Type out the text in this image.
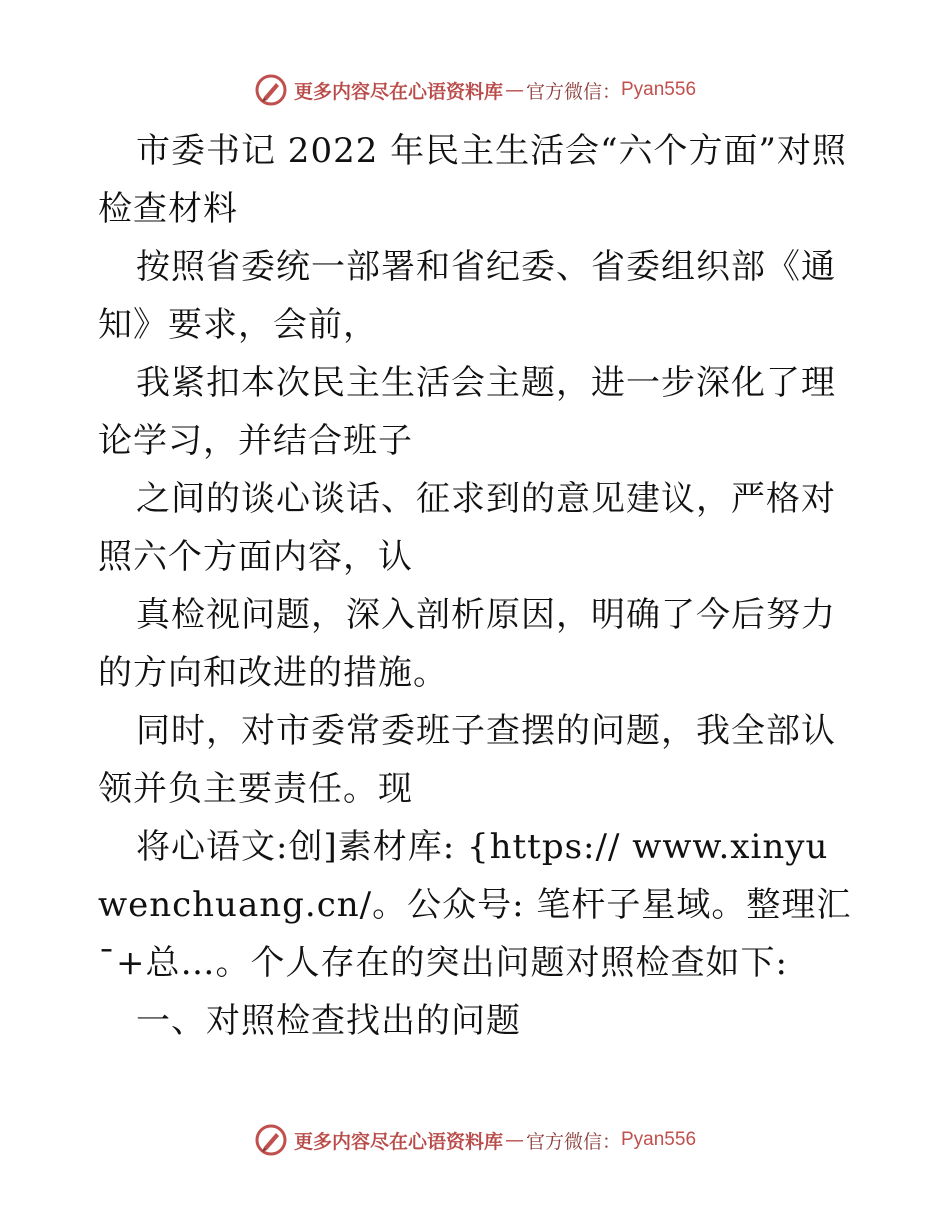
更多内容尽在心语资料库 — 官方微信： Pyan556

市委书记 2022 年民主生活会“六个方面”对照检查材料

按照省委统一部署和省纪委、省委组织部《通知》要求，会前，

我紧扣本次民主生活会主题，进一步深化了理论学习，并结合班子

之间的谈心谈话、征求到的意见建议，严格对照六个方面内容，认

真检视问题，深入剖析原因，明确了今后努力的方向和改进的措施。

同时，对市委常委班子查摆的问题，我全部认领并负主要责任。现

将心语文:创]素材库: {https:// www.xinyuwenchuang.cn/。公众号: 笔杆子星域。整理汇¯+总…。个人存在的突出问题对照检查如下:

一、对照检查找出的问题

更多内容尽在心语资料库 — 官方微信： Pyan556
